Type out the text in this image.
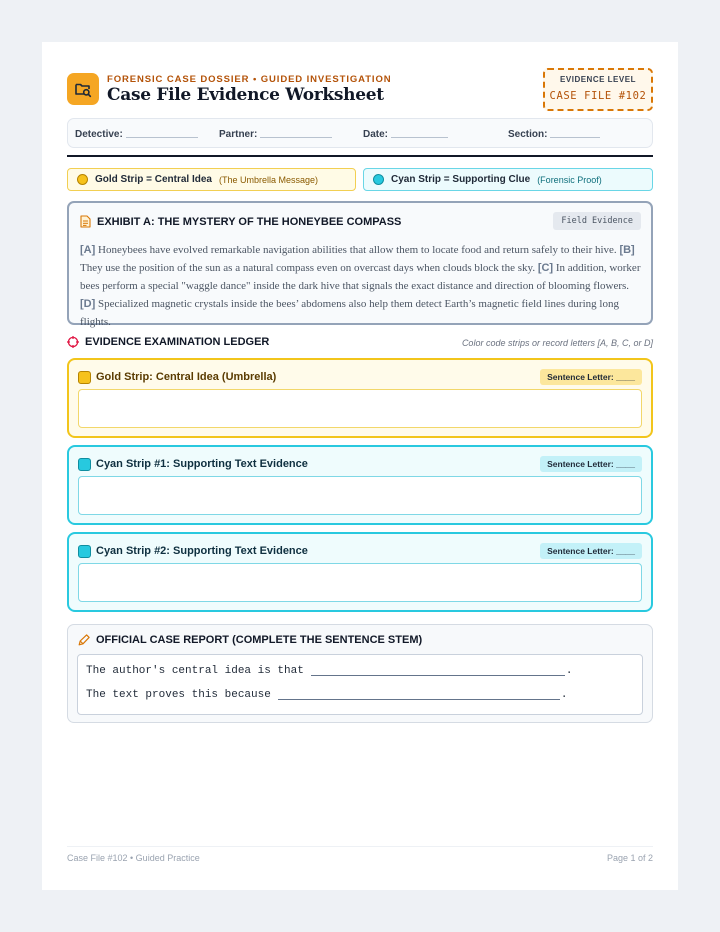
FORENSIC CASE DOSSIER • GUIDED INVESTIGATION
Case File Evidence Worksheet
EVIDENCE LEVEL
CASE FILE #102
Detective:	Partner:	Date:	Section:
Gold Strip = Central Idea (The Umbrella Message)	Cyan Strip = Supporting Clue (Forensic Proof)
EXHIBIT A: THE MYSTERY OF THE HONEYBEE COMPASS	Field Evidence
[A] Honeybees have evolved remarkable navigation abilities that allow them to locate food and return safely to their hive. [B] They use the position of the sun as a natural compass even on overcast days when clouds block the sky. [C] In addition, worker bees perform a special "waggle dance" inside the dark hive that signals the exact distance and direction of blooming flowers.
[D] Specialized magnetic crystals inside the bees’ abdomens also help them detect Earth’s magnetic field lines during long flights.
EVIDENCE EXAMINATION LEDGER	Color code strips or record letters [A, B, C, or D]
Gold Strip: Central Idea (Umbrella)	Sentence Letter: ____
Cyan Strip #1: Supporting Text Evidence	Sentence Letter: ____
Cyan Strip #2: Supporting Text Evidence	Sentence Letter: ____
OFFICIAL CASE REPORT (COMPLETE THE SENTENCE STEM)
The author's central idea is that	.
The text proves this because	.
Case File #102 • Guided Practice	Page 1 of 2
